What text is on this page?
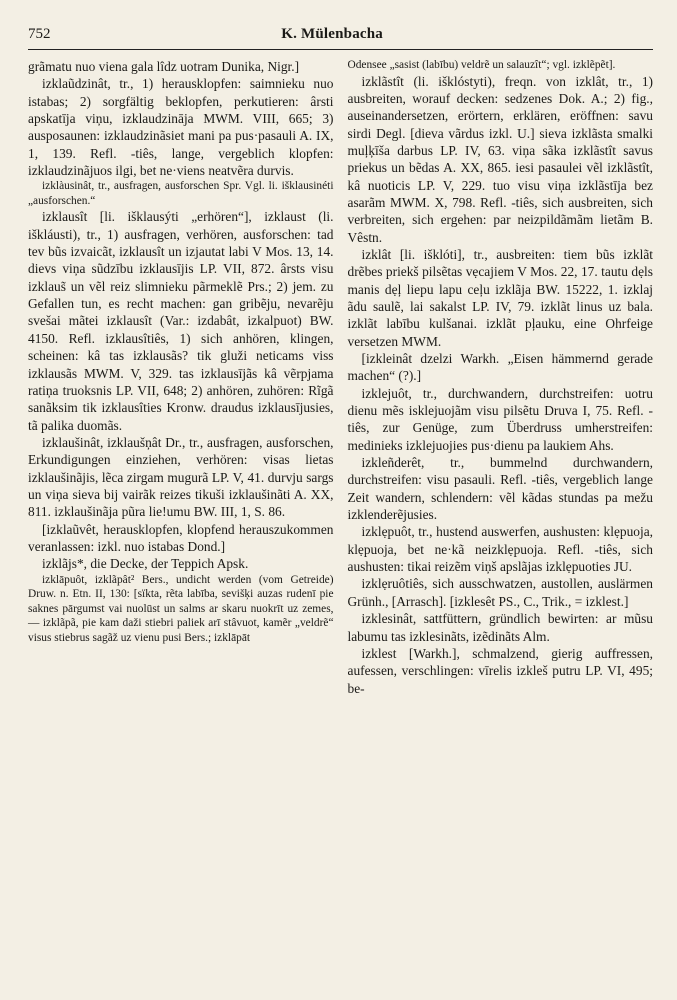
752	K. Mülenbacha

grãmatu nuo viena gala lîdz uotram Dunika, Nigr.]

izklaũdzinât, tr., 1) herausklopfen: saimnieku nuo istabas; 2) sorgfältig beklopfen, perkutieren: ârsti apskatīja viņu, izklaudzināja MWM. VIII, 665; 3) ausposaunen: izklaudzinãsiet mani pa pus·pasauli A. IX, 1, 139. Refl. -tiês, lange, vergeblich klopfen: izklaudzinãjuos ilgi, bet ne·viens neatvẽra durvis.

izklàusinât, tr., ausfragen, ausforschen Spr. Vgl. li. išklausinéti „ausforschen.“

izklausît [li. išklausýti „erhören“], izklaust (li. iškláusti), tr., 1) ausfragen, verhören, ausforschen: tad tev bũs izvaicãt, izklausît un izjautat labi V Mos. 13, 14. dievs viņa sũdzību izklausījis LP. VII, 872. ârsts visu izklaus̃ un vẽl reiz slimnieku pãrmeklẽ Prs.; 2) jem. zu Gefallen tun, es recht machen: gan gribẽju, nevarẽju svešai mãtei izklausît (Var.: izdabât, izkalpuot) BW. 4150. Refl. izklausîtiês, 1) sich anhören, klingen, scheinen: kâ tas izklausãs? tik gluži neticams viss izklausãs MWM. V, 329. tas izklausījãs kâ vẽrpjama ratiņa truoksnis LP. VII, 648; 2) anhören, zuhören: Rĩgã sanãksim tik izklausîties Kronw. draudus izklausījusies, tã palika duomãs.

izklaušinât, izklaušņât Dr., tr., ausfragen, ausforschen, Erkundigungen einziehen, verhören: visas lietas izklaušinãjis, lẽca zirgam mugurã LP. V, 41. durvju sargs un viņa sieva bij vairãk reizes tikuši izklaušinãti A. XX, 811. izklaušinãja pũra lie!umu BW. III, 1, S. 86.

[izklaũvêt, herausklopfen, klopfend herauszukommen veranlassen: izkl. nuo istabas Dond.]

izklãjs*, die Decke, der Teppich Apsk.

izklāpuôt, izklãpât² Bers., undicht werden (vom Getreide) Druw. n. Etn. II, 130: [sïkta, rẽta labība, sevišķi auzas rudenī pie saknes pārgumst vai nuolūst un salms ar skaru nuokrīt uz zemes, — izklãpã, pie kam daži stiebri paliek arī stâvuot, kamẽr „veldrẽ“ visus stiebrus sagãž uz vienu pusi Bers.; izklāpāt

Odensee „sasist (labību) veldrẽ un salauzît“; vgl. izklẽpẽt].

izklãstît (li. išklóstyti), freqn. von izklât, tr., 1) ausbreiten, worauf decken: sedzenes Dok. A.; 2) fig., auseinandersetzen, erörtern, erklären, eröffnen: savu sirdi Degl. [dieva vãrdus izkl. U.] sieva izklãsta smalki muļķīša darbus LP. IV, 63. viņa sãka izklãstît savus priekus un bẽdas A. XX, 865. iesi pasaulei vẽl izklãstît, kâ nuoticis LP. V, 229. tuo visu viņa izklãstīja bez asarãm MWM. X, 798. Refl. -tiês, sich ausbreiten, sich verbreiten, sich ergehen: par neizpildãmãm lietãm B. Vêstn.

izklât [li. išklóti], tr., ausbreiten: tiem bũs izklãt drẽbes priekš pilsẽtas vẹcajiem V Mos. 22, 17. tautu dẹls manis dẹļ liepu lapu ceļu izklãja BW. 15222, 1. izklaj ãdu saulẽ, lai sakalst LP. IV, 79. izklãt linus uz bala. izklãt labību kulšanai. izklãt pļauku, eine Ohrfeige versetzen MWM.

[izkleinât dzelzi Warkh. „Eisen hämmernd gerade machen“ (?).]

izklejuôt, tr., durchwandern, durchstreifen: uotru dienu mẽs isklejuojãm visu pilsẽtu Druva I, 75. Refl. -tiês, zur Genüge, zum Überdruss umherstreifen: medinieks izklejuojies pus·dienu pa laukiem Ahs.

izkleñderêt, tr., bummelnd durchwandern, durchstreifen: visu pasauli. Refl. -tiês, vergeblich lange Zeit wandern, schlendern: vẽl kãdas stundas pa mežu izklenderẽjusies.

izklẹpuôt, tr., hustend auswerfen, aushusten: klẹpuoja, klẹpuoja, bet ne·kã neizklẹpuoja. Refl. -tiês, sich aushusten: tikai reizẽm viņš apslãjas izklẹpuoties JU.

izklẹruôtiês, sich ausschwatzen, austollen, auslärmen Grünh., [Arrasch]. [izklesêt PS., C., Trik., = izklest.]

izklesinât, sattfüttern, gründlich bewirten: ar mũsu labumu tas izklesinãts, izẽdinãts Alm.

izklest [Warkh.], schmalzend, gierig auffressen, aufessen, verschlingen: vīrelis izkleš putru LP. VI, 495; be-
